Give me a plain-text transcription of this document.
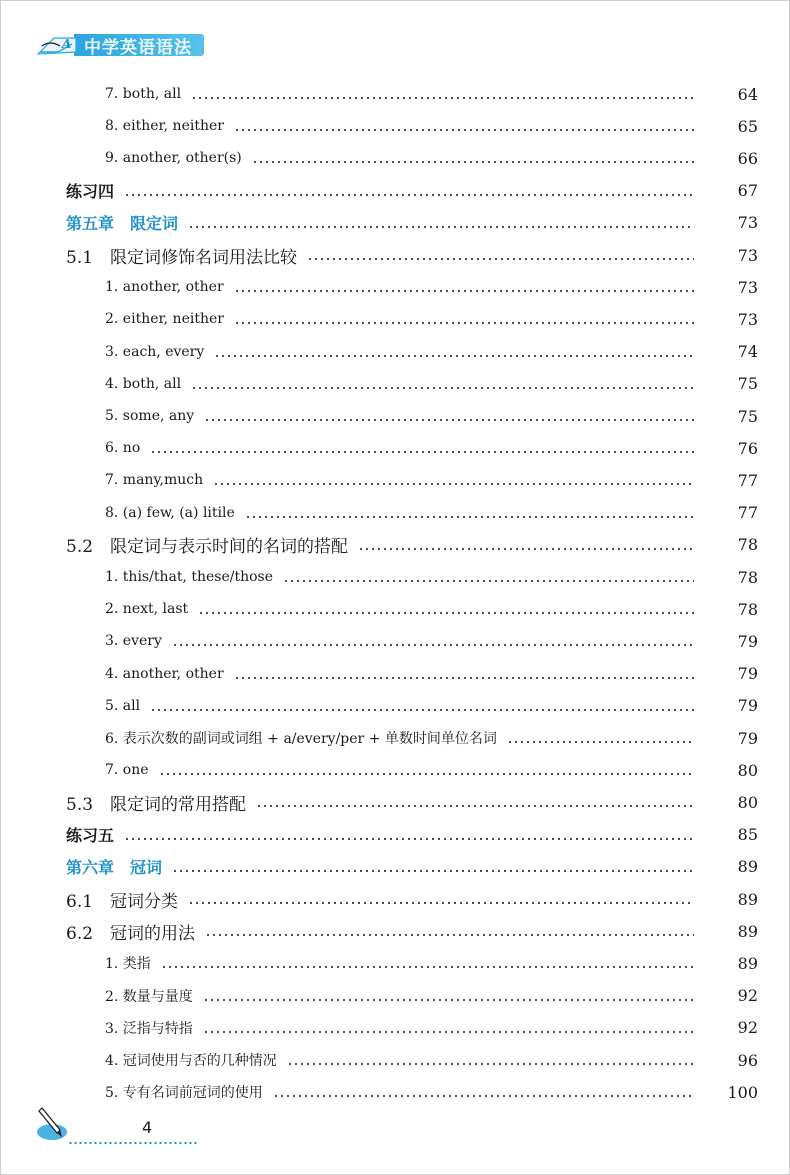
A 中学英语语法
7. both, all	64
8. either, neither	65
9. another, other(s)	66
练习四	67
第五章　限定词	73
5.1　限定词修饰名词用法比较	73
1. another, other	73
2. either, neither	73
3. each, every	74
4. both, all	75
5. some, any	75
6. no	76
7. many,much	77
8. (a) few, (a) litile	77
5.2　限定词与表示时间的名词的搭配	78
1. this/that, these/those	78
2. next, last	78
3. every	79
4. another, other	79
5. all	79
6. 表示次数的副词或词组 + a/every/per + 单数时间单位名词	79
7. one	80
5.3　限定词的常用搭配	80
练习五	85
第六章　冠词	89
6.1　冠词分类	89
6.2　冠词的用法	89
1. 类指	89
2. 数量与量度	92
3. 泛指与特指	92
4. 冠词使用与否的几种情况	96
5. 专有名词前冠词的使用	100
4
